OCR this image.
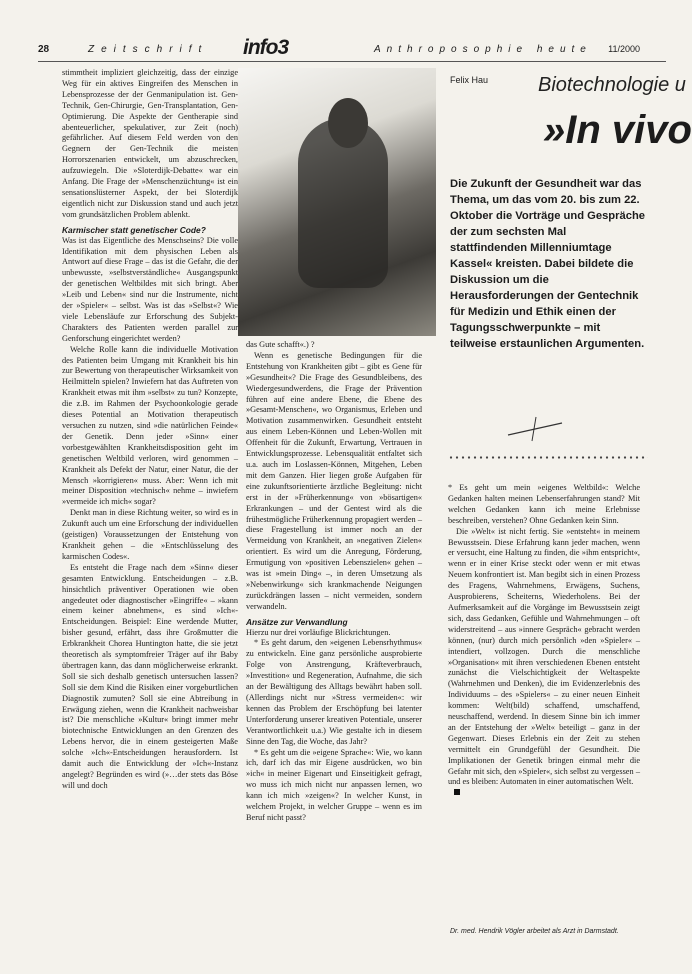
28	Zeitschrift info3	Anthroposophie heute 11/2000

stimmtheit impliziert gleichzeitig, dass der einzige Weg für ein aktives Eingreifen des Menschen in Lebensprozesse der der Genmanipulation ist. Gen-Technik, Gen-Chirurgie, Gen-Transplantation, Gen-Optimierung. Die Aspekte der Gentherapie sind abenteuerlicher, spekulativer, zur Zeit (noch) gefährlicher. Auf diesem Feld werden von den Gegnern der Gen-Technik die meisten Horrorszenarien entwickelt, um abzuschrecken, aufzuwiegeln. Die »Sloterdijk-Debatte« war ein Anfang. Die Frage der »Menschenzüchtung« ist ein sensationslüsterner Aspekt, der bei Sloterdijk eigentlich nicht zur Diskussion stand und auch jetzt vom grundsätzlichen Problem ablenkt.

Karmischer statt genetischer Code?

Was ist das Eigentliche des Menschseins? Die volle Identifikation mit dem physischen Leben als Antwort auf diese Frage – das ist die Gefahr, die der unbewusste, »selbstverständliche« Ausgangspunkt der genetischen Weltbildes mit sich bringt. Aber »Leib und Leben« sind nur die Instrumente, nicht der »Spieler« – selbst. Was ist das »Selbst«? Wie viele Lebensläufe zur Erforschung des Subjekt-Charakters des Patienten werden parallel zur Genforschung eingerichtet werden?

Welche Rolle kann die individuelle Motivation des Patienten beim Umgang mit Krankheit bis hin zur Bewertung von therapeutischer Wirksamkeit von Heilmitteln spielen? Inwiefern hat das Auftreten von Krankheit etwas mit ihm »selbst« zu tun? Konzepte, die z.B. im Rahmen der Psychoonkologie gerade dieses Potential an Motivation therapeutisch versuchen zu nutzen, sind »die natürlichen Feinde« der Genetik. Denn jeder »Sinn« einer vorbestgewählten Krankheitsdisposition geht im genetischen Weltbild verloren, wird genommen – Krankheit als Defekt der Natur, einer Natur, die der Mensch »korrigieren« muss. Aber: Wenn ich mit meiner Disposition »technisch« nehme – inwiefern »vermeide ich mich« sogar?

Denkt man in diese Richtung weiter, so wird es in Zukunft auch um eine Erforschung der individuellen (geistigen) Voraussetzungen der Entstehung von Krankheit gehen – die »Entschlüsselung des karmischen Codes«.

Es entsteht die Frage nach dem »Sinn« dieser gesamten Entwicklung. Entscheidungen – z.B. hinsichtlich präventiver Operationen wie oben angedeutet oder diagnostischer »Eingriffe« – »kann einem keiner abnehmen«, es sind »Ich«-Entscheidungen. Beispiel: Eine werdende Mutter, bisher gesund, erfährt, dass ihre Großmutter die Erbkrankheit Chorea Huntington hatte, die sie jetzt theoretisch als symptomfreier Träger auf ihr Baby übertragen kann, das dann möglicherweise erkrankt. Soll sie sich deshalb genetisch untersuchen lassen? Soll sie dem Kind die Risiken einer vorgeburtlichen Diagnostik zumuten? Soll sie eine Abtreibung in Erwägung ziehen, wenn die Krankheit nachweisbar ist? Die menschliche »Kultur« bringt immer mehr biotechnische Entwicklungen an den Grenzen des Lebens hervor, die in einem gesteigerten Maße solche »Ich«-Entscheidungen herausfordern. Ist damit auch die Entwicklung der »Ich«-Instanz angelegt? Begründen es wird (»…der stets das Böse will und doch

das Gute schafft«.) ?

Wenn es genetische Bedingungen für die Entstehung von Krankheiten gibt – gibt es Gene für »Gesundheit«? Die Frage des Gesundbleibens, des Wiedergesundwerdens, die Frage der Prävention führen auf eine andere Ebene, die Ebene des »Gesamt-Menschen«, wo Organismus, Erleben und Motivation zusammenwirken. Gesundheit entsteht aus einem Leben-Können und Leben-Wollen mit Offenheit für die Zukunft, Erwartung, Vertrauen in Entwicklungsprozesse. Lebensqualität entfaltet sich u.a. auch im Loslassen-Können, Mitgehen, Leben mit dem Ganzen. Hier liegen große Aufgaben für eine zukunftsorientierte ärztliche Begleitung: nicht erst in der »Früherkennung« von »bösartigen« Erkrankungen – und der Gentest wird als die frühestmögliche Früherkennung propagiert werden – diese Fragestellung ist immer noch an der Vermeidung von Krankheit, an »negativen Zielen« orientiert. Es wird um die Anregung, Förderung, Ermutigung von »positiven Lebenszielen« gehen – was ist »mein Ding« –, in deren Umsetzung als »Nebenwirkung« sich krankmachende Neigungen zurückdrängen lassen – nicht vermeiden, sondern verwandeln.

Ansätze zur Verwandlung

Hierzu nur drei vorläufige Blickrichtungen.

* Es geht darum, den »eigenen Lebensrhythmus« zu entwickeln. Eine ganz persönliche ausprobierte Folge von Anstrengung, Kräfteverbrauch, »Investition« und Regeneration, Aufnahme, die sich an der Bewältigung des Alltags bewährt haben soll. (Allerdings nicht nur »Stress vermeiden«: wir kennen das Problem der Erschöpfung bei latenter Unterforderung unserer kreativen Potentiale, unserer Verantwortlichkeit u.a.) Wie gestalte ich in diesem Sinne den Tag, die Woche, das Jahr?

* Es geht um die »eigene Sprache«: Wie, wo kann ich, darf ich das mir Eigene ausdrücken, wo bin »ich« in meiner Eigenart und Einseitigkeit gefragt, wo muss ich mich nicht nur anpassen lernen, wo kann ich mich »zeigen«? In welcher Kunst, in welchem Projekt, in welcher Gruppe – wenn es im Beruf nicht passt?

Felix Hau Biotechnologie u
»In vivo
Die Zukunft der Gesundheit war das Thema, um das vom 20. bis zum 22. Oktober die Vorträge und Gespräche der zum sechsten Mal stattfindenden Millenniumtage Kassel« kreisten. Dabei bildete die Diskussion um die Herausforderungen der Gentechnik für Medizin und Ethik einen der Tagungsschwerpunkte – mit teilweise erstaunlichen Argumenten.

* Es geht um mein »eigenes Weltbild«: Welche Gedanken halten meinen Lebenserfahrungen stand? Mit welchen Gedanken kann ich meine Erlebnisse beschreiben, verstehen? Ohne Gedanken kein Sinn.

Die »Welt« ist nicht fertig. Sie »entsteht« in meinem Bewusstsein. Diese Erfahrung kann jeder machen, wenn er versucht, eine Haltung zu finden, die »ihm entspricht«, wenn er in einer Krise steckt oder wenn er mit etwas Neuem konfrontiert ist. Man begibt sich in einen Prozess des Fragens, Wahrnehmens, Erwägens, Suchens, Ausprobierens, Scheiterns, Wiederholens. Bei der Aufmerksamkeit auf die Vorgänge im Bewusstsein zeigt sich, dass Gedanken, Gefühle und Wahrnehmungen – oft widerstreitend – aus »innere Gespräch« gebracht werden können, (nur) durch mich persönlich »den »Spieler« – intendiert, vollzogen. Durch die menschliche »Organisation« mit ihren verschiedenen Ebenen entsteht zunächst die Vielschichtigkeit der Weltaspekte (Wahrnehmen und Denken), die im Evidenzerlebnis des Individuums – des »Spielers« – zu einer neuen Einheit kommen: Welt(bild) schaffend, umschaffend, neuschaffend, werdend. In diesem Sinne bin ich immer an der Entstehung der »Welt« beteiligt – ganz in der Gegenwart. Dieses Erlebnis ein der Zeit zu stehen vermittelt ein Grundgefühl der Gesundheit. Die Implikationen der Genetik bringen einmal mehr die Gefahr mit sich, den »Spieler«, sich selbst zu vergessen – und es bleiben: Automaten in einer automatischen Welt.

Dr. med. Hendrik Vögler arbeitet als Arzt in Darmstadt.
